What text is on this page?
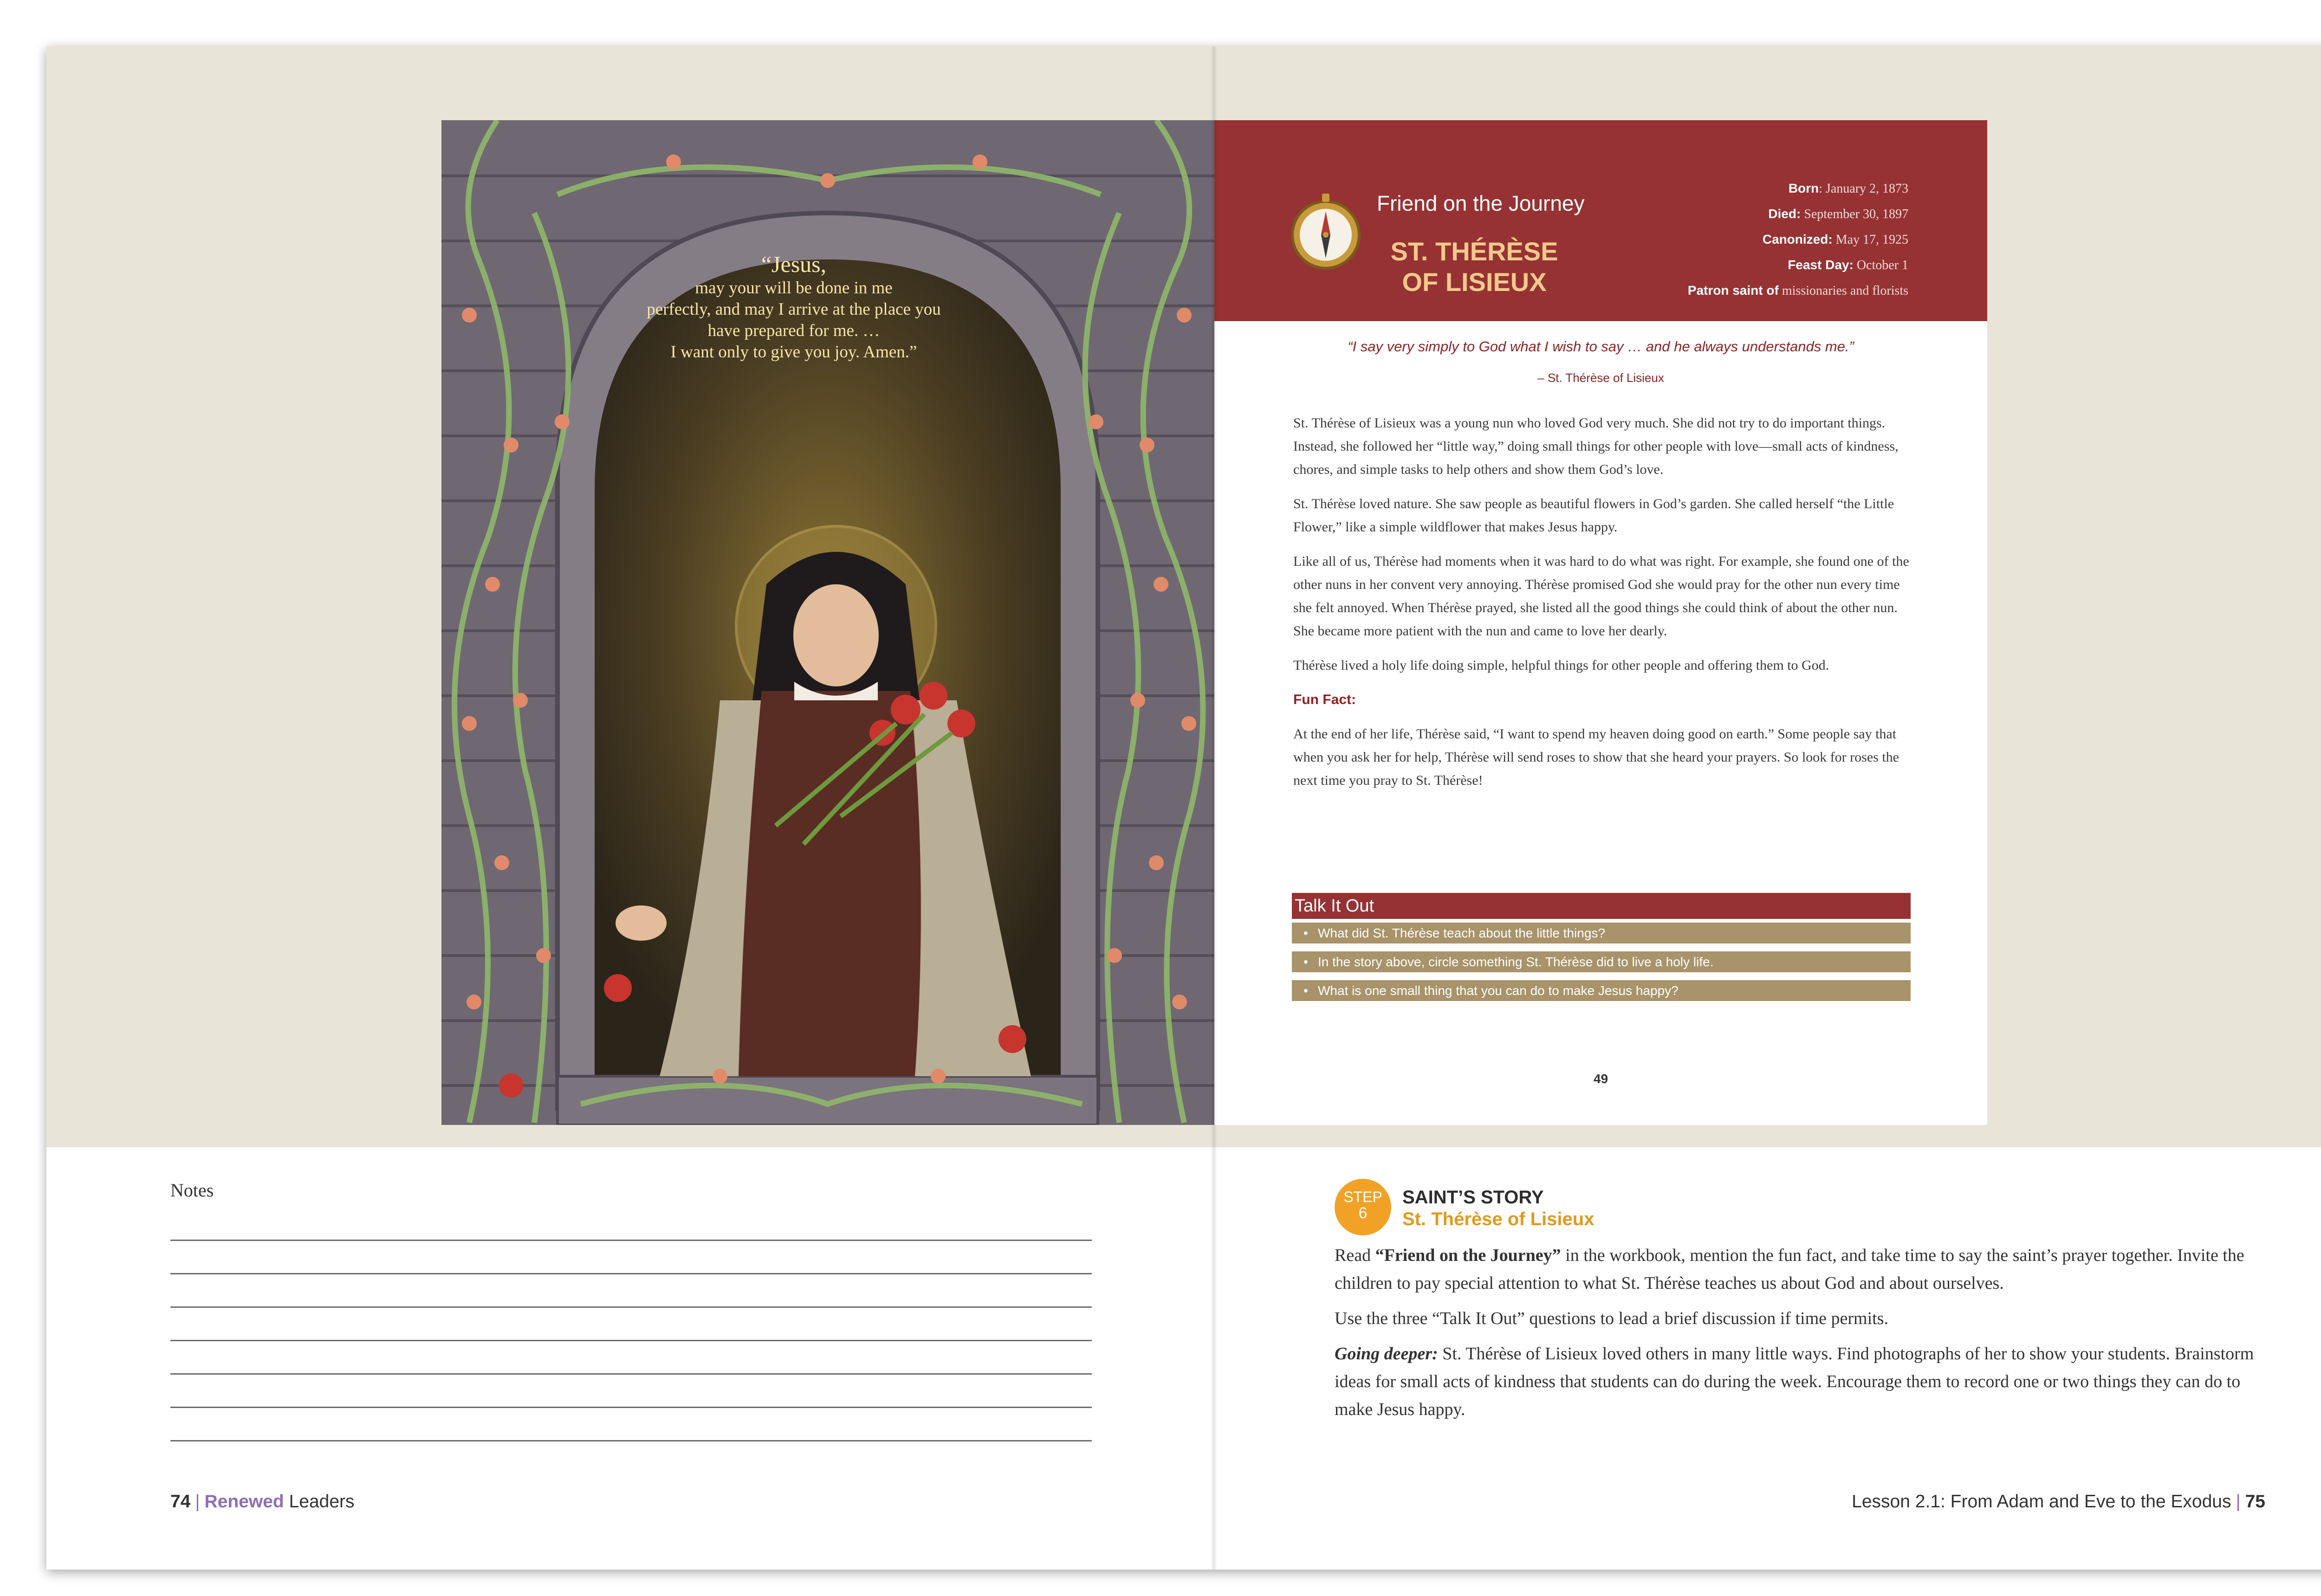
“Jesus,
may your will be done in me
perfectly, and may I arrive at the place you
have prepared for me. …
I want only to give you joy. Amen.”
Friend on the Journey
ST. THÉRÈSE
OF LISIEUX
Born: January 2, 1873
Died: September 30, 1897
Canonized: May 17, 1925
Feast Day: October 1
Patron saint of missionaries and florists
“I say very simply to God what I wish to say … and he always understands me.”
– St. Thérèse of Lisieux

St. Thérèse of Lisieux was a young nun who loved God very much. She did not try to do important things. Instead, she followed her “little way,” doing small things for other people with love—small acts of kindness, chores, and simple tasks to help others and show them God’s love.

St. Thérèse loved nature. She saw people as beautiful flowers in God’s garden. She called herself “the Little Flower,” like a simple wildflower that makes Jesus happy.

Like all of us, Thérèse had moments when it was hard to do what was right. For example, she found one of the other nuns in her convent very annoying. Thérèse promised God she would pray for the other nun every time she felt annoyed. When Thérèse prayed, she listed all the good things she could think of about the other nun. She became more patient with the nun and came to love her dearly.

Thérèse lived a holy life doing simple, helpful things for other people and offering them to God.

Fun Fact:

At the end of her life, Thérèse said, “I want to spend my heaven doing good on earth.” Some people say that when you ask her for help, Thérèse will send roses to show that she heard your prayers. So look for roses the next time you pray to St. Thérèse!

Talk It Out
• What did St. Thérèse teach about the little things?
• In the story above, circle something St. Thérèse did to live a holy life.
• What is one small thing that you can do to make Jesus happy?
49
Notes
74 | Renewed Leaders
STEP
6
SAINT’S STORY
St. Thérèse of Lisieux

Read “Friend on the Journey” in the workbook, mention the fun fact, and take time to say the saint’s prayer together. Invite the children to pay special attention to what St. Thérèse teaches us about God and about ourselves.

Use the three “Talk It Out” questions to lead a brief discussion if time permits.

Going deeper: St. Thérèse of Lisieux loved others in many little ways. Find photographs of her to show your students. Brainstorm ideas for small acts of kindness that students can do during the week. Encourage them to record one or two things they can do to make Jesus happy.

Lesson 2.1: From Adam and Eve to the Exodus | 75
